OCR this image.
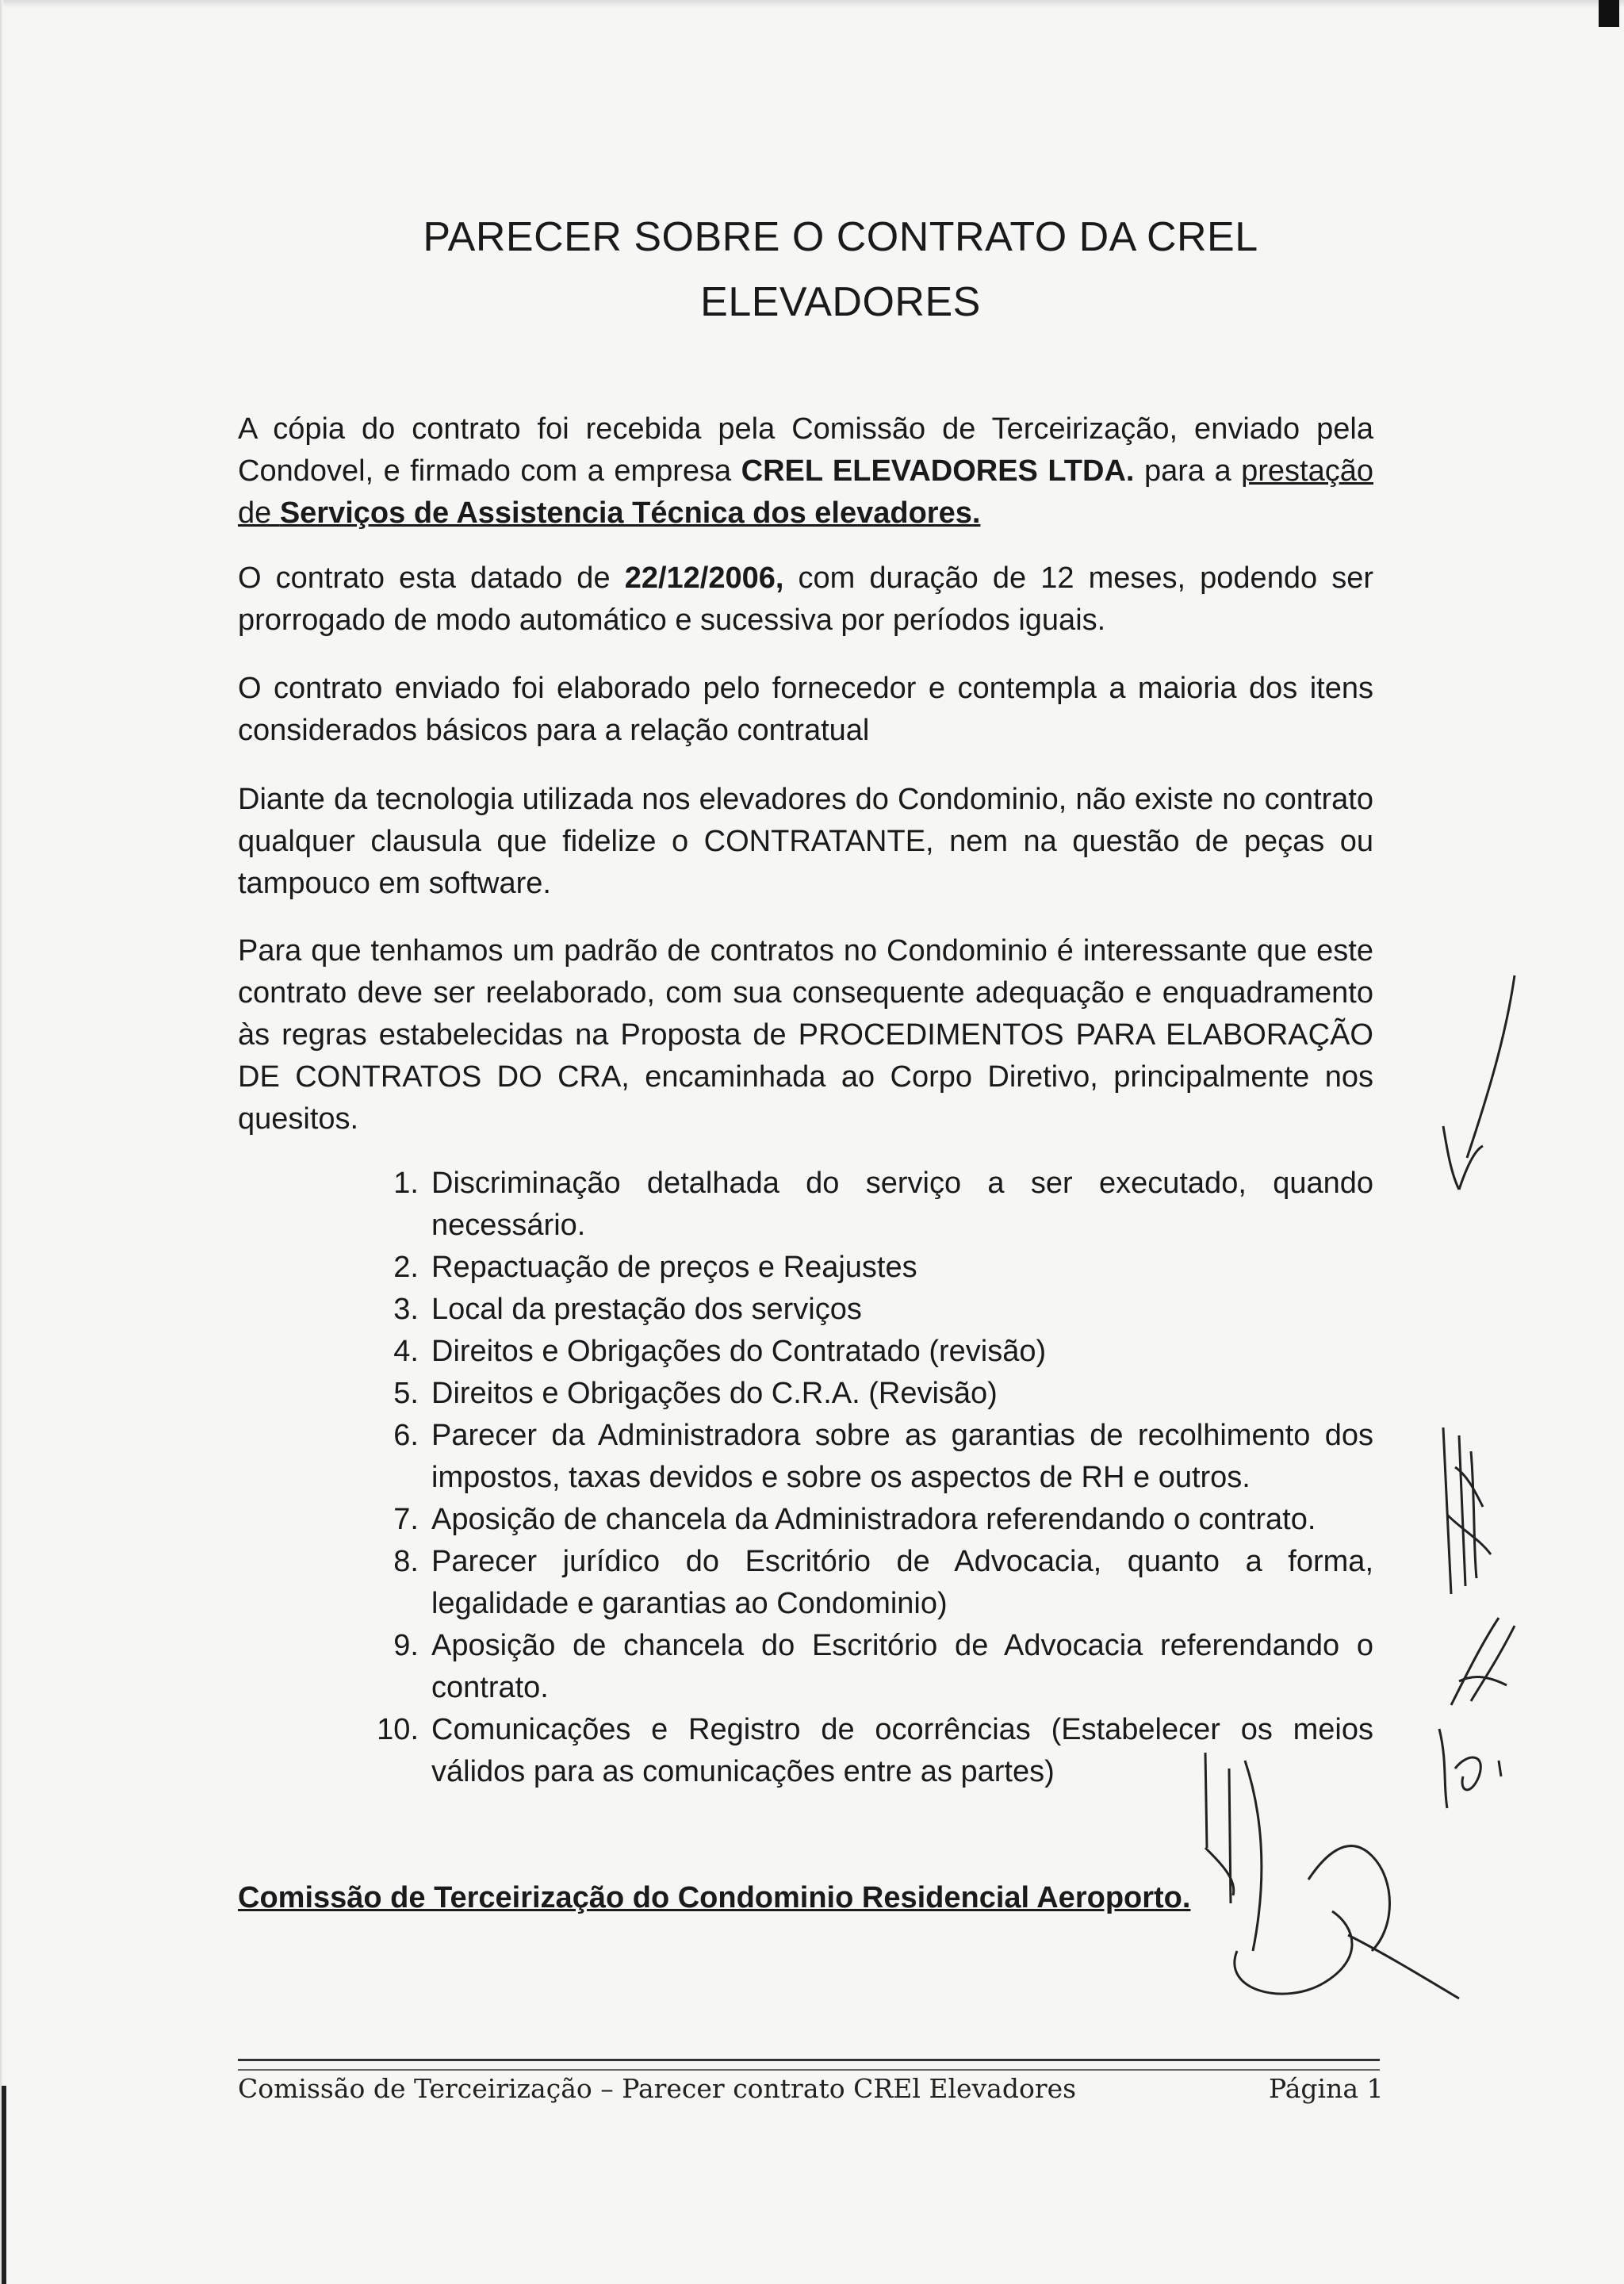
PARECER SOBRE O CONTRATO DA CREL
ELEVADORES
A cópia do contrato foi recebida pela Comissão de Terceirização, enviado pela Condovel, e firmado com a empresa CREL ELEVADORES LTDA. para a prestação de Serviços de Assistencia Técnica dos elevadores.
O contrato esta datado de 22/12/2006, com duração de 12 meses, podendo ser prorrogado de modo automático e sucessiva por períodos iguais.
O contrato enviado foi elaborado pelo fornecedor e contempla a maioria dos itens considerados básicos para a relação contratual
Diante da tecnologia utilizada nos elevadores do Condominio, não existe no contrato qualquer clausula que fidelize o CONTRATANTE, nem na questão de peças ou tampouco em software.
Para que tenhamos um padrão de contratos no Condominio é interessante que este contrato deve ser reelaborado, com sua consequente adequação e enquadramento às regras estabelecidas na Proposta de PROCEDIMENTOS PARA ELABORAÇÃO DE CONTRATOS DO CRA, encaminhada ao Corpo Diretivo, principalmente nos quesitos.
1. Discriminação detalhada do serviço a ser executado, quando necessário.
2. Repactuação de preços e Reajustes
3. Local da prestação dos serviços
4. Direitos e Obrigações do Contratado (revisão)
5. Direitos e Obrigações do C.R.A. (Revisão)
6. Parecer da Administradora sobre as garantias de recolhimento dos impostos, taxas devidos e sobre os aspectos de RH e outros.
7. Aposição de chancela da Administradora referendando o contrato.
8. Parecer jurídico do Escritório de Advocacia, quanto a forma, legalidade e garantias ao Condominio)
9. Aposição de chancela do Escritório de Advocacia referendando o contrato.
10. Comunicações e Registro de ocorrências (Estabelecer os meios válidos para as comunicações entre as partes)
Comissão de Terceirização do Condominio Residencial Aeroporto.
Comissão de Terceirização – Parecer contrato CREl Elevadores	Página 1
